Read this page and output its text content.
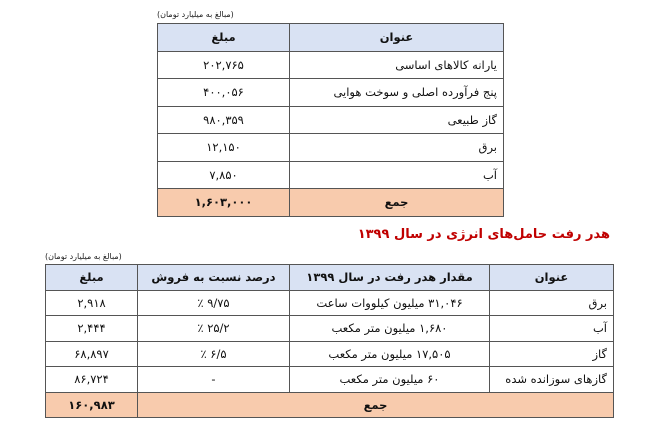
(مبالغ به میلیارد تومان)
مبلغ	عنوان
۲۰۲,۷۶۵	یارانه کالاهای اساسی
۴۰۰,۰۵۶	پنج فرآورده اصلی و سوخت هوایی
۹۸۰,۳۵۹	گاز طبیعی
۱۲,۱۵۰	برق
۷,۸۵۰	آب
۱,۶۰۳,۰۰۰	جمع
هدر رفت حامل‌های انرژی در سال ۱۳۹۹
(مبالغ به میلیارد تومان)
مبلغ	درصد نسبت به فروش	مقدار هدر رفت در سال ۱۳۹۹	عنوان
۲,۹۱۸	٪ ۹/۷۵	۳۱,۰۴۶ میلیون کیلووات ساعت	برق
۲,۴۴۴	٪ ۲۵/۲	۱,۶۸۰ میلیون متر مکعب	آب
۶۸,۸۹۷	٪ ۶/۵	۱۷,۵۰۵ میلیون متر مکعب	گاز
۸۶,۷۲۴	-	۶۰ میلیون متر مکعب	گازهای سوزانده شده
۱۶۰,۹۸۳	جمع		
